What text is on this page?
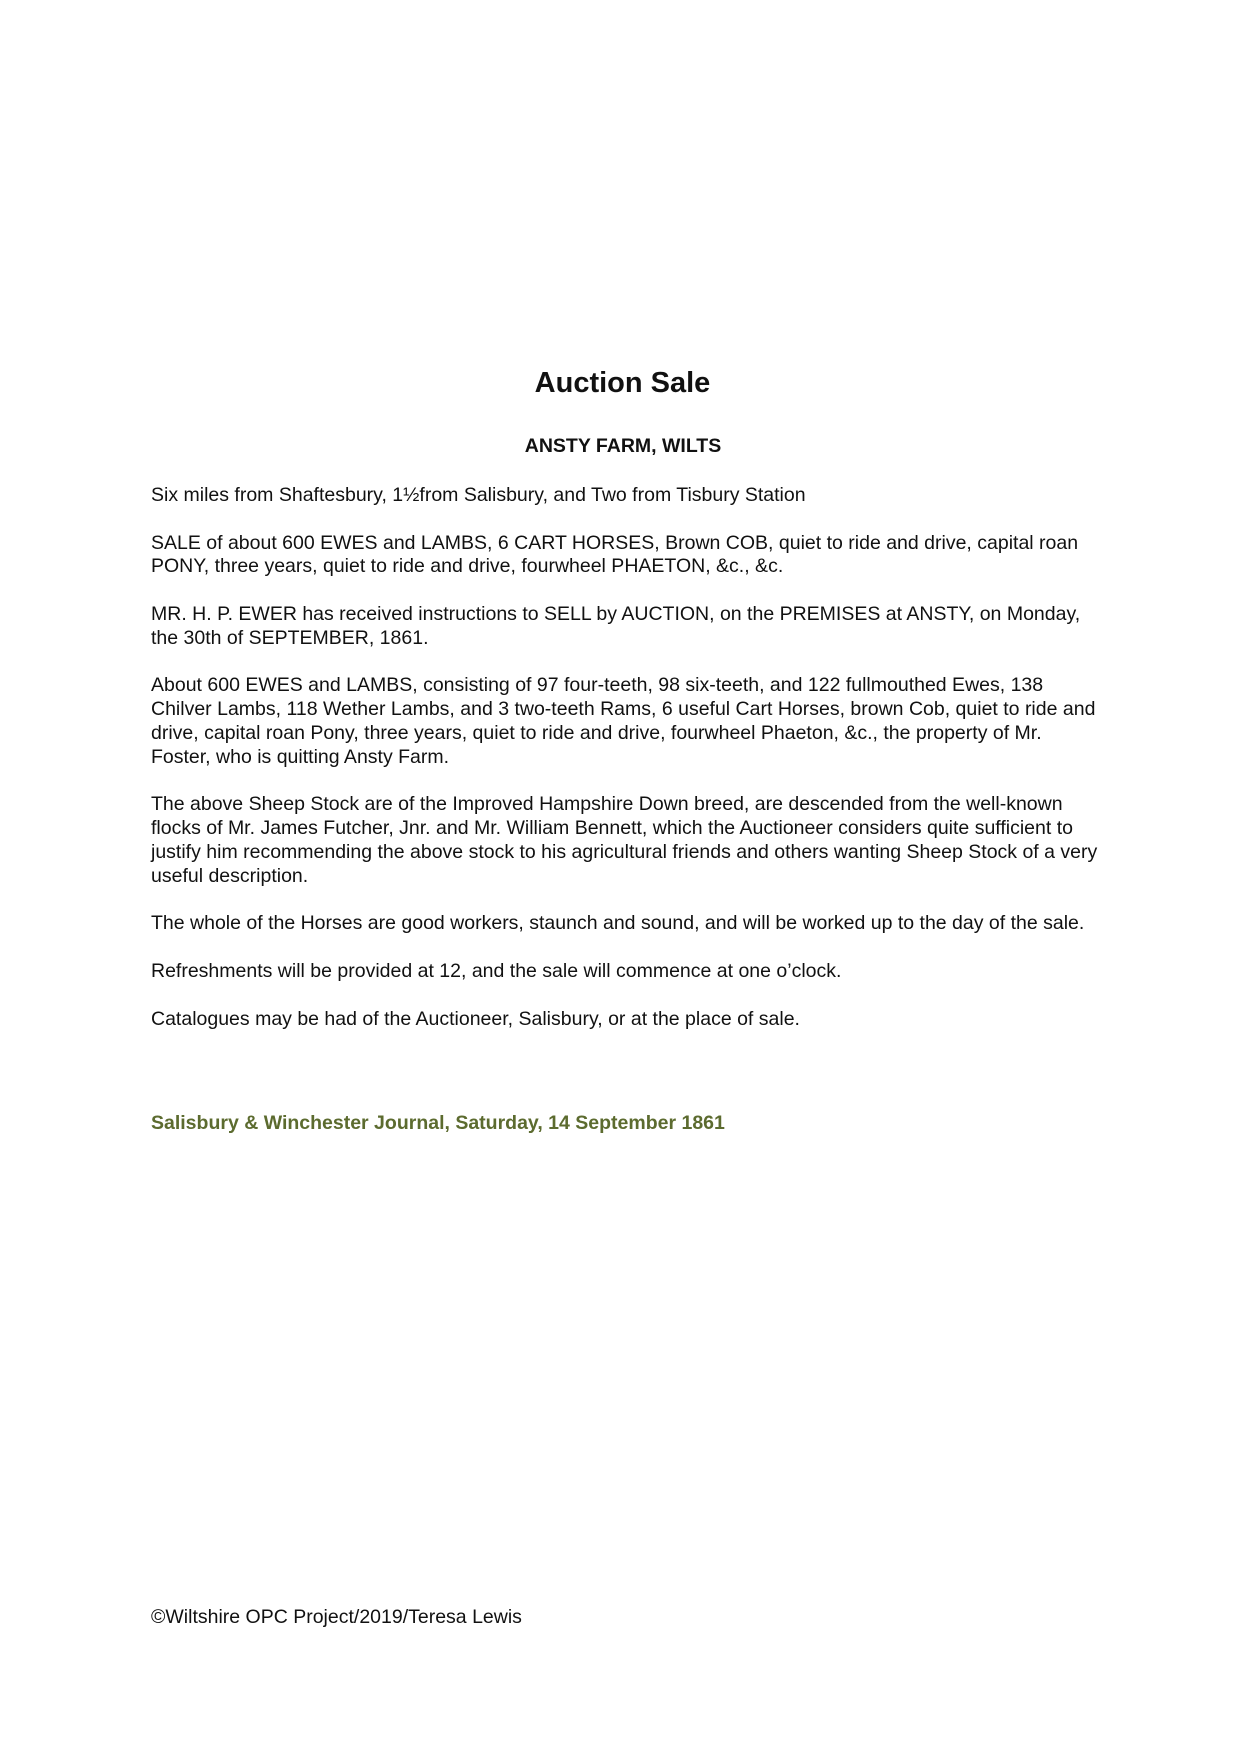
Auction Sale
ANSTY FARM, WILTS

Six miles from Shaftesbury, 1½from Salisbury, and Two from Tisbury Station

SALE of about 600 EWES and LAMBS, 6 CART HORSES, Brown COB, quiet to ride and drive, capital roan PONY, three years, quiet to ride and drive, fourwheel PHAETON, &c., &c.

MR. H. P. EWER has received instructions to SELL by AUCTION, on the PREMISES at ANSTY, on Monday, the 30th of SEPTEMBER, 1861.

About 600 EWES and LAMBS, consisting of 97 four-teeth, 98 six-teeth, and 122 fullmouthed Ewes, 138 Chilver Lambs, 118 Wether Lambs, and 3 two-teeth Rams, 6 useful Cart Horses, brown Cob, quiet to ride and drive, capital roan Pony, three years, quiet to ride and drive, fourwheel Phaeton, &c., the property of Mr. Foster, who is quitting Ansty Farm.

The above Sheep Stock are of the Improved Hampshire Down breed, are descended from the well-known flocks of Mr. James Futcher, Jnr. and Mr. William Bennett, which the Auctioneer considers quite sufficient to justify him recommending the above stock to his agricultural friends and others wanting Sheep Stock of a very useful description.

The whole of the Horses are good workers, staunch and sound, and will be worked up to the day of the sale.

Refreshments will be provided at 12, and the sale will commence at one o’clock.

Catalogues may be had of the Auctioneer, Salisbury, or at the place of sale.

Salisbury & Winchester Journal, Saturday, 14 September 1861
©Wiltshire OPC Project/2019/Teresa Lewis
